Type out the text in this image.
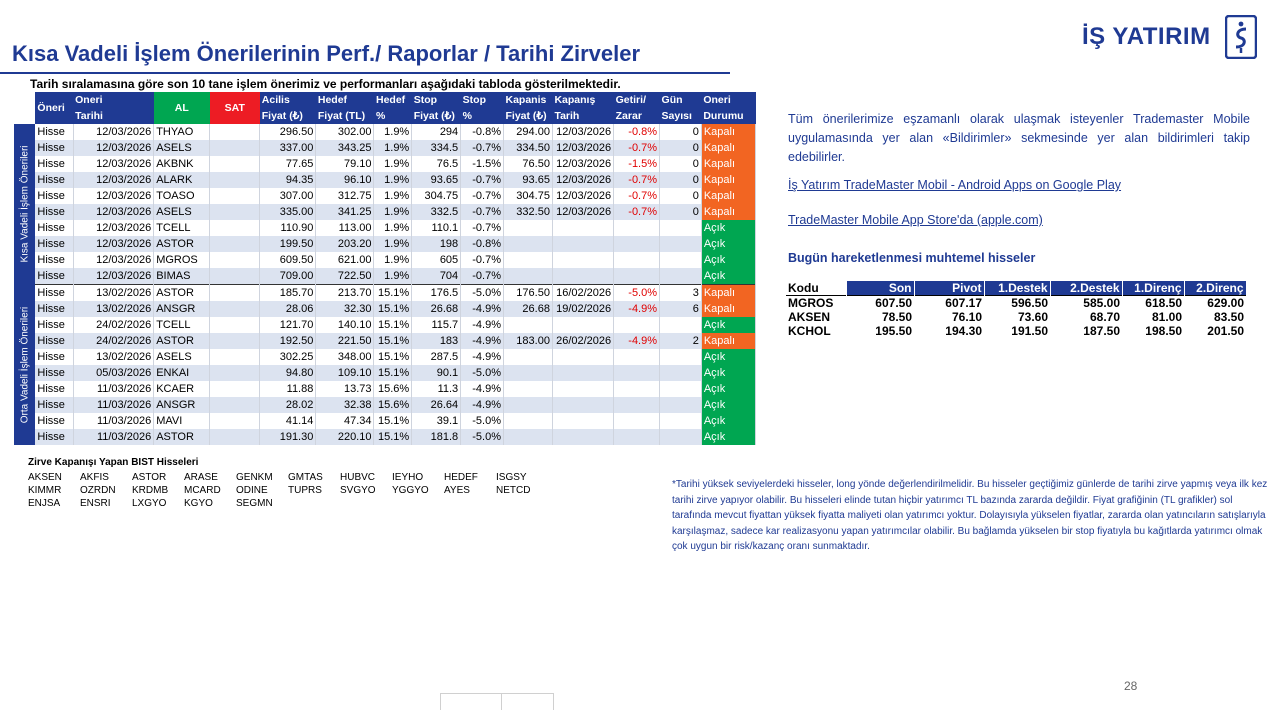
Kısa Vadeli İşlem Önerilerinin Perf./ Raporlar / Tarihi Zirveler
Tarih sıralamasına göre son 10 tane işlem önerimiz ve performanları aşağıdaki tabloda gösterilmektedir.
İŞ YATIRIM
	Öneri	Oneri	AL	SAT	Acilis	Hedef	Hedef	Stop	Stop	Kapanis	Kapanış	Getiri/	Gün	Oneri
		Tarihi			Fiyat (₺)	Fiyat (TL)	%	Fiyat (₺)	%	Fiyat (₺)	Tarih	Zarar	Sayısı	Durumu

Kısa Vadeli İşlem Önerileri	Hisse	12/03/2026	THYAO		296.50	302.00	1.9%	294	-0.8%	294.00	12/03/2026	-0.8%	0	Kapalı
	Hisse	12/03/2026	ASELS		337.00	343.25	1.9%	334.5	-0.7%	334.50	12/03/2026	-0.7%	0	Kapalı
	Hisse	12/03/2026	AKBNK		77.65	79.10	1.9%	76.5	-1.5%	76.50	12/03/2026	-1.5%	0	Kapalı
	Hisse	12/03/2026	ALARK		94.35	96.10	1.9%	93.65	-0.7%	93.65	12/03/2026	-0.7%	0	Kapalı
	Hisse	12/03/2026	TOASO		307.00	312.75	1.9%	304.75	-0.7%	304.75	12/03/2026	-0.7%	0	Kapalı
	Hisse	12/03/2026	ASELS		335.00	341.25	1.9%	332.5	-0.7%	332.50	12/03/2026	-0.7%	0	Kapalı
	Hisse	12/03/2026	TCELL		110.90	113.00	1.9%	110.1	-0.7%					Açık
	Hisse	12/03/2026	ASTOR		199.50	203.20	1.9%	198	-0.8%					Açık
	Hisse	12/03/2026	MGROS		609.50	621.00	1.9%	605	-0.7%					Açık
	Hisse	12/03/2026	BIMAS		709.00	722.50	1.9%	704	-0.7%					Açık

Orta Vadeli İşlem Önerileri	Hisse	13/02/2026	ASTOR		185.70	213.70	15.1%	176.5	-5.0%	176.50	16/02/2026	-5.0%	3	Kapalı
	Hisse	13/02/2026	ANSGR		28.06	32.30	15.1%	26.68	-4.9%	26.68	19/02/2026	-4.9%	6	Kapalı
	Hisse	24/02/2026	TCELL		121.70	140.10	15.1%	115.7	-4.9%					Açık
	Hisse	24/02/2026	ASTOR		192.50	221.50	15.1%	183	-4.9%	183.00	26/02/2026	-4.9%	2	Kapalı
	Hisse	13/02/2026	ASELS		302.25	348.00	15.1%	287.5	-4.9%					Açık
	Hisse	05/03/2026	ENKAI		94.80	109.10	15.1%	90.1	-5.0%					Açık
	Hisse	11/03/2026	KCAER		11.88	13.73	15.6%	11.3	-4.9%					Açık
	Hisse	11/03/2026	ANSGR		28.02	32.38	15.6%	26.64	-4.9%					Açık
	Hisse	11/03/2026	MAVI		41.14	47.34	15.1%	39.1	-5.0%					Açık
	Hisse	11/03/2026	ASTOR		191.30	220.10	15.1%	181.8	-5.0%					Açık
Zirve Kapanışı Yapan BIST Hisseleri
AKSEN	AKFIS	ASTOR	ARASE	GENKM	GMTAS	HUBVC	IEYHO	HEDEF	ISGSY
KIMMR	OZRDN	KRDMB	MCARD	ODINE	TUPRS	SVGYO	YGGYO	AYES	NETCD
ENJSA	ENSRI	LXGYO	KGYO	SEGMN
Tüm önerilerimize eşzamanlı olarak ulaşmak isteyenler Trademaster Mobile uygulamasında yer alan «Bildirimler» sekmesinde yer alan bildirimleri takip edebilirler.
İş Yatırım TradeMaster Mobil - Android Apps on Google Play
TradeMaster Mobile App Store'da (apple.com)
Bugün hareketlenmesi muhtemel hisseler
Kodu	Son	Pivot	1.Destek	2.Destek	1.Direnç	2.Direnç
MGROS	607.50	607.17	596.50	585.00	618.50	629.00
AKSEN	78.50	76.10	73.60	68.70	81.00	83.50
KCHOL	195.50	194.30	191.50	187.50	198.50	201.50
*Tarihi yüksek seviyelerdeki hisseler, long yönde değerlendirilmelidir. Bu hisseler geçtiğimiz günlerde de tarihi zirve yapmış veya ilk kez tarihi zirve yapıyor olabilir. Bu hisseleri elinde tutan hiçbir yatırımcı TL bazında zararda değildir. Fiyat grafiğinin (TL grafikler) sol tarafında mevcut fiyattan yüksek fiyatta maliyeti olan yatırımcı yoktur. Dolayısıyla yükselen fiyatlar, zararda olan yatıncıların satışlarıyla karşılaşmaz, sadece kar realizasyonu yapan yatırımcılar olabilir. Bu bağlamda yükselen bir stop fiyatıyla bu kağıtlarda yatırımcı olmak çok uygun bir risk/kazanç oranı sunmaktadır.
28
